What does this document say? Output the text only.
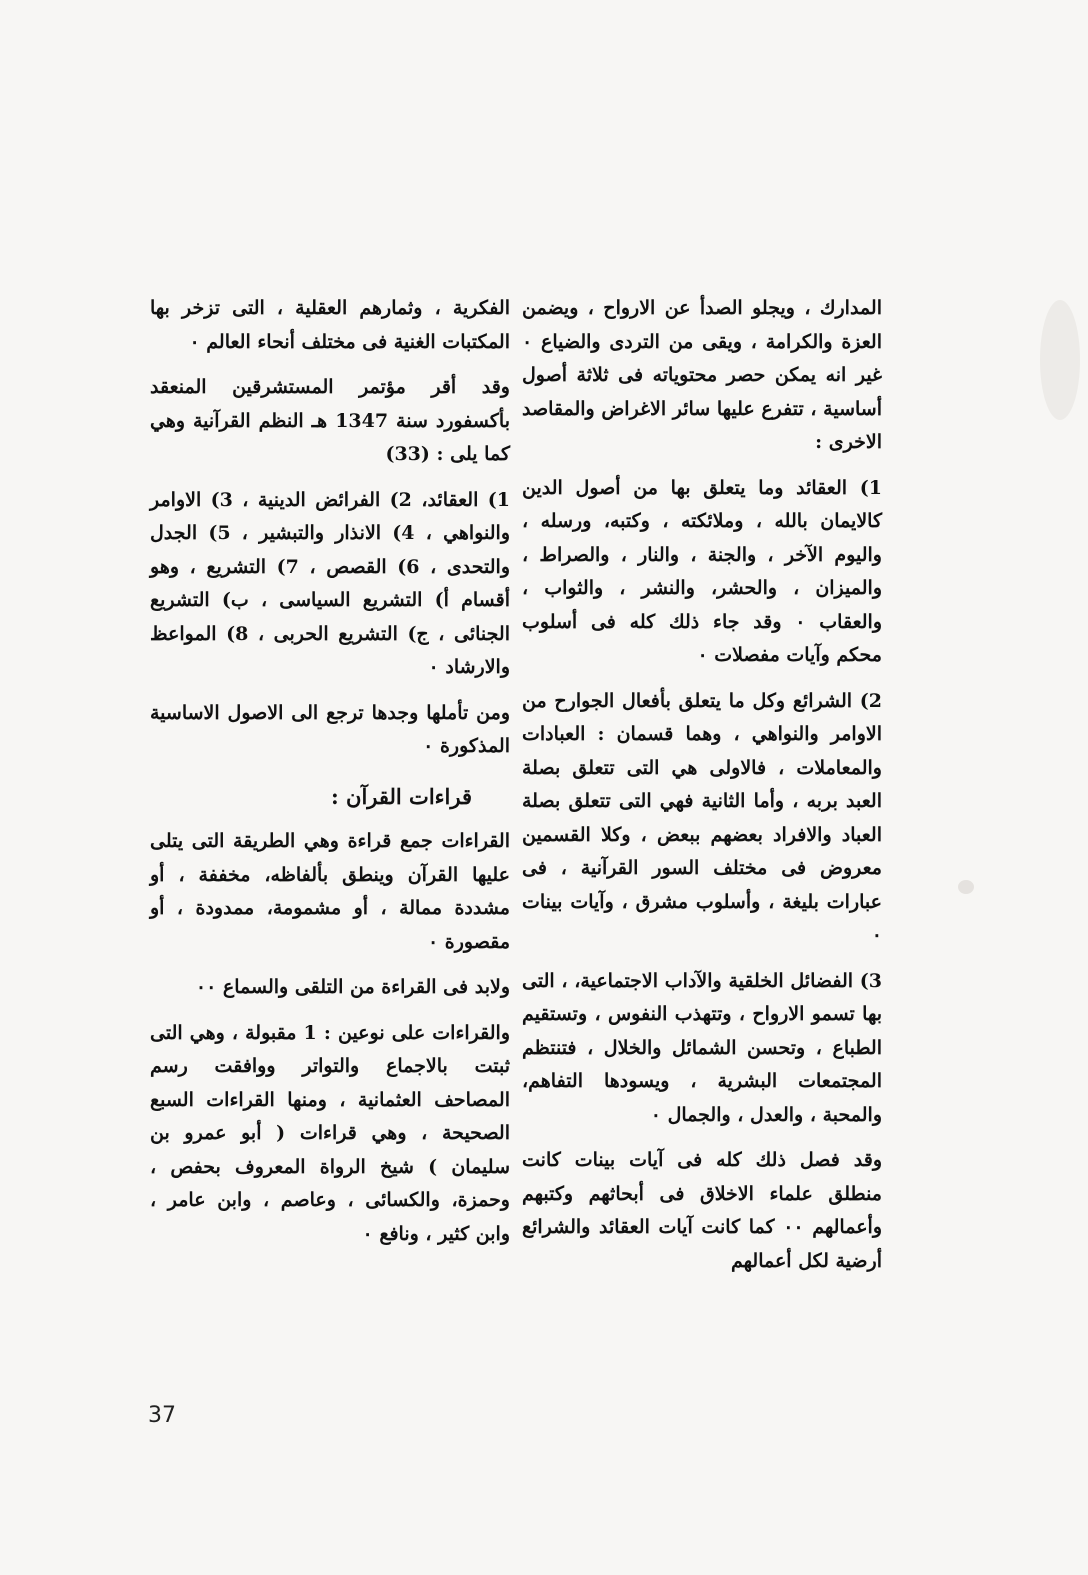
المدارك ، ويجلو الصدأ عن الارواح ، ويضمن العزة والكرامة ، ويقى من التردى والضياع ٠ غير انه يمكن حصر محتوياته فى ثلاثة أصول أساسية ، تتفرع عليها سائر الاغراض والمقاصد الاخرى :

1) العقائد وما يتعلق بها من أصول الدين كالايمان بالله ، وملائكته ، وكتبه، ورسله ، واليوم الآخر ، والجنة ، والنار ، والصراط ، والميزان ، والحشر، والنشر ، والثواب ، والعقاب ٠ وقد جاء ذلك كله فى أسلوب محكم وآيات مفصلات ٠

2) الشرائع وكل ما يتعلق بأفعال الجوارح من الاوامر والنواهي ، وهما قسمان : العبادات والمعاملات ، فالاولى هي التى تتعلق بصلة العبد بربه ، وأما الثانية فهي التى تتعلق بصلة العباد والافراد بعضهم ببعض ، وكلا القسمين معروض فى مختلف السور القرآنية ، فى عبارات بليغة ، وأسلوب مشرق ، وآيات بينات ٠

3) الفضائل الخلقية والآداب الاجتماعية، ، التى بها تسمو الارواح ، وتتهذب النفوس ، وتستقيم الطباع ، وتحسن الشمائل والخلال ، فتنتظم المجتمعات البشرية ، ويسودها التفاهم، والمحبة ، والعدل ، والجمال ٠

وقد فصل ذلك كله فى آيات بينات كانت منطلق علماء الاخلاق فى أبحاثهم وكتبهم وأعمالهم ٠٠ كما كانت آيات العقائد والشرائع أرضية لكل أعمالهم

الفكرية ، وثمارهم العقلية ، التى تزخر بها المكتبات الغنية فى مختلف أنحاء العالم ٠

وقد أقر مؤتمر المستشرقين المنعقد بأكسفورد سنة 1347 هـ النظم القرآنية وهي كما يلى : (33)

1) العقائد، 2) الفرائض الدينية ، 3) الاوامر والنواهي ، 4) الانذار والتبشير ، 5) الجدل والتحدى ، 6) القصص ، 7) التشريع ، وهو أقسام أ) التشريع السياسى ، ب) التشريع الجنائى ، ج) التشريع الحربى ، 8) المواعظ والارشاد ٠

ومن تأملها وجدها ترجع الى الاصول الاساسية المذكورة ٠

قراءات القرآن :

القراءات جمع قراءة وهي الطريقة التى يتلى عليها القرآن وينطق بألفاظه، مخففة ، أو مشددة ممالة ، أو مشمومة، ممدودة ، أو مقصورة ٠

ولابد فى القراءة من التلقى والسماع ٠٠

والقراءات على نوعين : 1 مقبولة ، وهي التى ثبتت بالاجماع والتواتر ووافقت رسم المصاحف العثمانية ، ومنها القراءات السبع الصحيحة ، وهي قراءات ( أبو عمرو بن سليمان ) شيخ الرواة المعروف بحفص ، وحمزة، والكسائى ، وعاصم ، وابن عامر ، وابن كثير ، ونافع ٠

37
